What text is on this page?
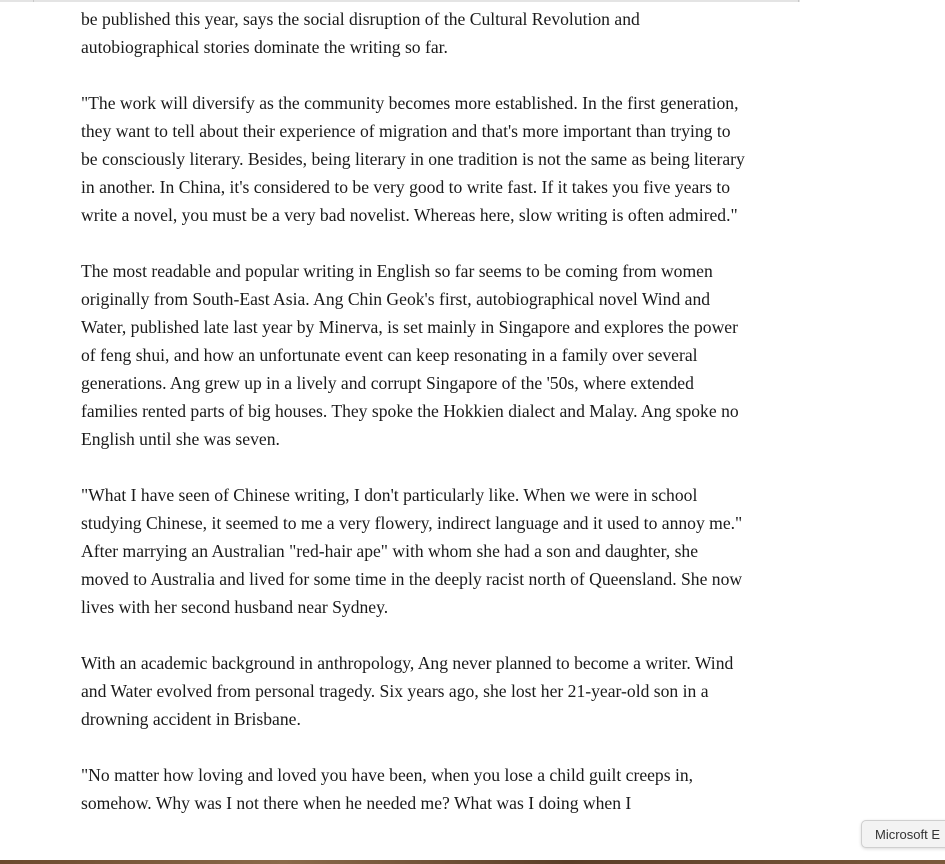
be published this year, says the social disruption of the Cultural Revolution and autobiographical stories dominate the writing so far.

"The work will diversify as the community becomes more established. In the first generation, they want to tell about their experience of migration and that's more important than trying to be consciously literary. Besides, being literary in one tradition is not the same as being literary in another. In China, it's considered to be very good to write fast. If it takes you five years to write a novel, you must be a very bad novelist. Whereas here, slow writing is often admired."

The most readable and popular writing in English so far seems to be coming from women originally from South-East Asia. Ang Chin Geok's first, autobiographical novel Wind and Water, published late last year by Minerva, is set mainly in Singapore and explores the power of feng shui, and how an unfortunate event can keep resonating in a family over several generations. Ang grew up in a lively and corrupt Singapore of the '50s, where extended families rented parts of big houses. They spoke the Hokkien dialect and Malay. Ang spoke no English until she was seven.

"What I have seen of Chinese writing, I don't particularly like. When we were in school studying Chinese, it seemed to me a very flowery, indirect language and it used to annoy me." After marrying an Australian "red-hair ape" with whom she had a son and daughter, she moved to Australia and lived for some time in the deeply racist north of Queensland. She now lives with her second husband near Sydney.

With an academic background in anthropology, Ang never planned to become a writer. Wind and Water evolved from personal tragedy. Six years ago, she lost her 21-year-old son in a drowning accident in Brisbane.

"No matter how loving and loved you have been, when you lose a child guilt creeps in, somehow. Why was I not there when he needed me? What was I doing when I

Microsoft E
